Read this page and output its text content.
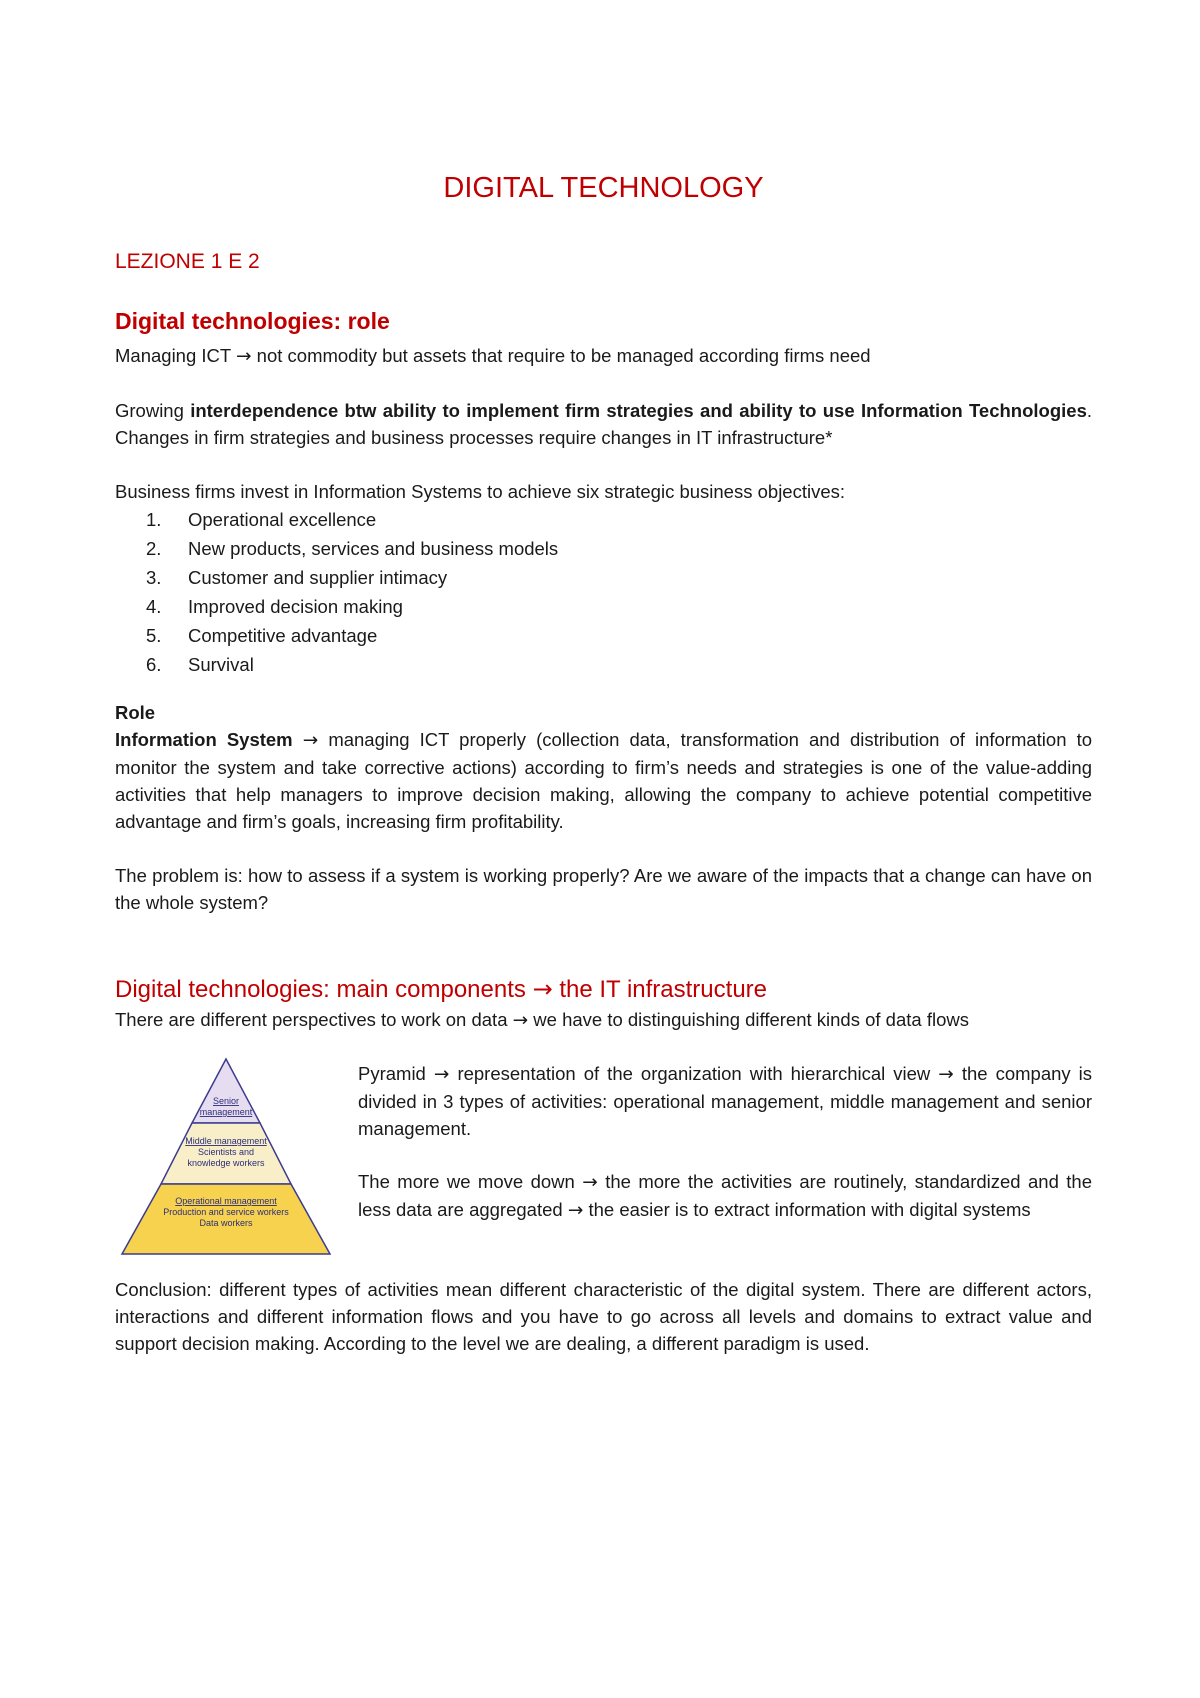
DIGITAL TECHNOLOGY
LEZIONE 1 E 2
Digital technologies: role

Managing ICT → not commodity but assets that require to be managed according firms need

Growing interdependence btw ability to implement firm strategies and ability to use Information Technologies. Changes in firm strategies and business processes require changes in IT infrastructure*

Business firms invest in Information Systems to achieve six strategic business objectives:

1. Operational excellence
2. New products, services and business models
3. Customer and supplier intimacy
4. Improved decision making
5. Competitive advantage
6. Survival

Role

Information System → managing ICT properly (collection data, transformation and distribution of information to monitor the system and take corrective actions) according to firm’s needs and strategies is one of the value-adding activities that help managers to improve decision making, allowing the company to achieve potential competitive advantage and firm’s goals, increasing firm profitability.

The problem is: how to assess if a system is working properly? Are we aware of the impacts that a change can have on the whole system?

Digital technologies: main components → the IT infrastructure

There are different perspectives to work on data → we have to distinguishing different kinds of data flows

Senior
management
Middle management
Scientists and
knowledge workers
Operational management
Production and service workers
Data workers

Pyramid → representation of the organization with hierarchical view → the company is divided in 3 types of activities: operational management, middle management and senior management.

The more we move down → the more the activities are routinely, standardized and the less data are aggregated → the easier is to extract information with digital systems

Conclusion: different types of activities mean different characteristic of the digital system. There are different actors, interactions and different information flows and you have to go across all levels and domains to extract value and support decision making. According to the level we are dealing, a different paradigm is used.
